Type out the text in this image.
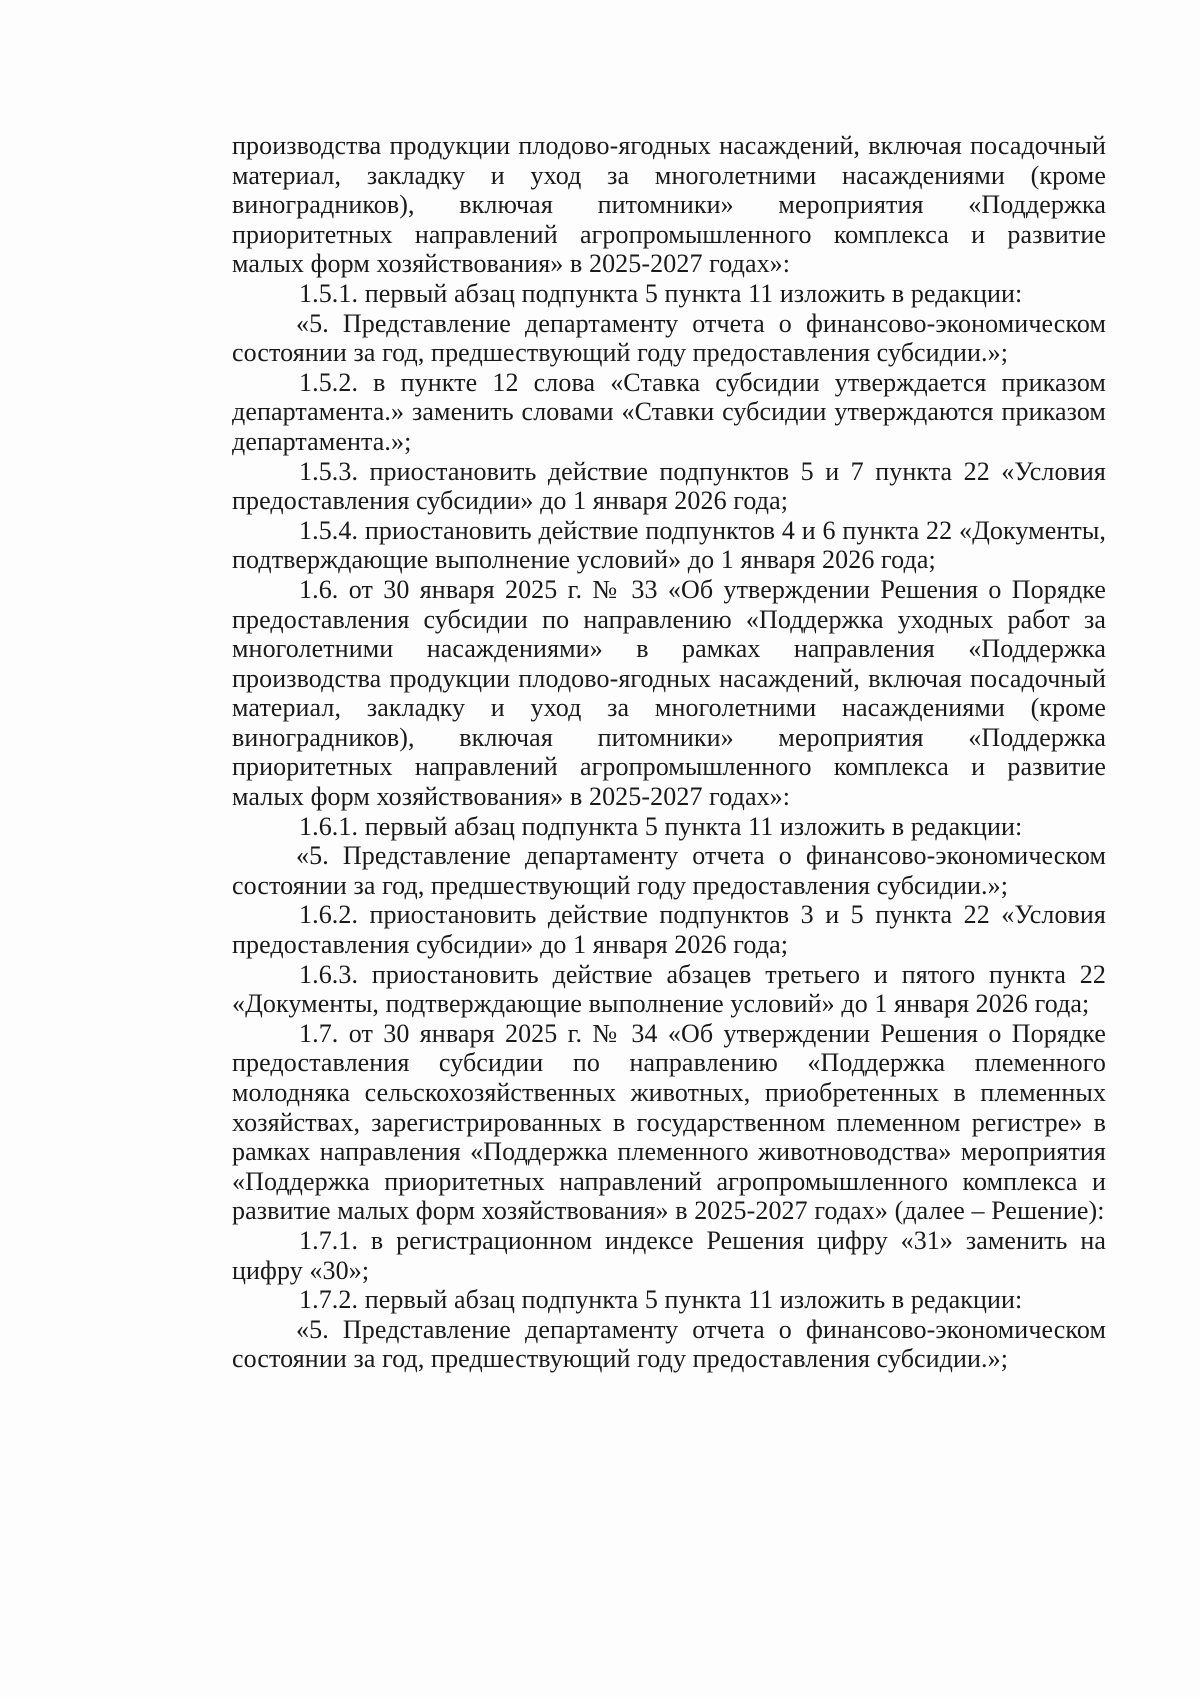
производства продукции плодово-ягодных насаждений, включая посадочный материал, закладку и уход за многолетними насаждениями (кроме виноградников), включая питомники» мероприятия «Поддержка приоритетных направлений агропромышленного комплекса и развитие малых форм хозяйствования» в 2025-2027 годах»:

1.5.1. первый абзац подпункта 5 пункта 11 изложить в редакции:

«5. Представление департаменту отчета о финансово-экономическом состоянии за год, предшествующий году предоставления субсидии.»;

1.5.2. в пункте 12 слова «Ставка субсидии утверждается приказом департамента.» заменить словами «Ставки субсидии утверждаются приказом департамента.»;

1.5.3. приостановить действие подпунктов 5 и 7 пункта 22 «Условия предоставления субсидии» до 1 января 2026 года;

1.5.4. приостановить действие подпунктов 4 и 6 пункта 22 «Документы, подтверждающие выполнение условий» до 1 января 2026 года;

1.6. от 30 января 2025 г. № 33 «Об утверждении Решения о Порядке предоставления субсидии по направлению «Поддержка уходных работ за многолетними насаждениями» в рамках направления «Поддержка производства продукции плодово-ягодных насаждений, включая посадочный материал, закладку и уход за многолетними насаждениями (кроме виноградников), включая питомники» мероприятия «Поддержка приоритетных направлений агропромышленного комплекса и развитие малых форм хозяйствования» в 2025-2027 годах»:

1.6.1. первый абзац подпункта 5 пункта 11 изложить в редакции:

«5. Представление департаменту отчета о финансово-экономическом состоянии за год, предшествующий году предоставления субсидии.»;

1.6.2. приостановить действие подпунктов 3 и 5 пункта 22 «Условия предоставления субсидии» до 1 января 2026 года;

1.6.3. приостановить действие абзацев третьего и пятого пункта 22 «Документы, подтверждающие выполнение условий» до 1 января 2026 года;

1.7. от 30 января 2025 г. № 34 «Об утверждении Решения о Порядке предоставления субсидии по направлению «Поддержка племенного молодняка сельскохозяйственных животных, приобретенных в племенных хозяйствах, зарегистрированных в государственном племенном регистре» в рамках направления «Поддержка племенного животноводства» мероприятия «Поддержка приоритетных направлений агропромышленного комплекса и развитие малых форм хозяйствования» в 2025-2027 годах» (далее – Решение):

1.7.1. в регистрационном индексе Решения цифру «31» заменить на цифру «30»;

1.7.2. первый абзац подпункта 5 пункта 11 изложить в редакции:

«5. Представление департаменту отчета о финансово-экономическом состоянии за год, предшествующий году предоставления субсидии.»;
